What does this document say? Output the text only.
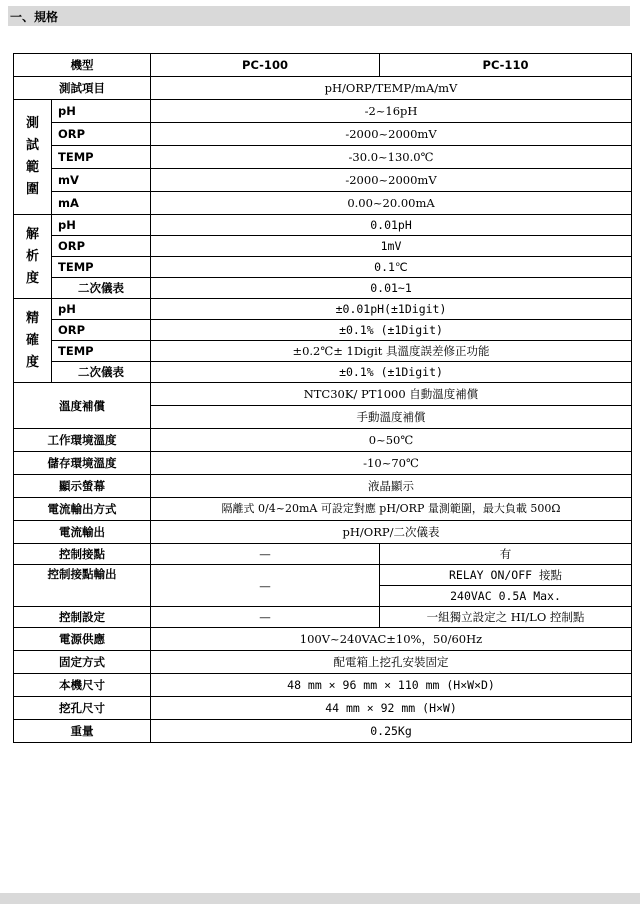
一、規格
機型		PC-100	PC-110
測試項目		pH/ORP/TEMP/mA/mV	
測試範圍	pH	-2~16pH	
	ORP	-2000~2000mV	
	TEMP	-30.0~130.0℃	
	mV	-2000~2000mV	
	mA	0.00~20.00mA	
解析度	pH	0.01pH	
	ORP	1mV	
	TEMP	0.1℃	
	二次儀表	0.01~1	
精確度	pH	±0.01pH(±1Digit)	
	ORP	±0.1% (±1Digit)	
	TEMP	±0.2℃± 1Digit 具溫度誤差修正功能	
	二次儀表	±0.1% (±1Digit)	
溫度補償		NTC30K/ PT1000 自動溫度補償	
		手動溫度補償	
工作環境溫度		0~50℃	
儲存環境溫度		-10~70℃	
顯示螢幕		液晶顯示	
電流輸出方式		隔離式 0/4~20mA 可設定對應 pH/ORP 量測範圍，最大負載 500Ω	
電流輸出		pH/ORP/二次儀表	
控制接點		—	有
控制接點輸出		—	RELAY ON/OFF 接點
			240VAC 0.5A Max.
控制設定		—	一組獨立設定之 HI/LO 控制點
電源供應		100V~240VAC±10%，50/60Hz	
固定方式		配電箱上挖孔安裝固定	
本機尺寸		48 mm × 96 mm × 110 mm (H×W×D)	
挖孔尺寸		44 mm × 92 mm (H×W)	
重量		0.25Kg	
